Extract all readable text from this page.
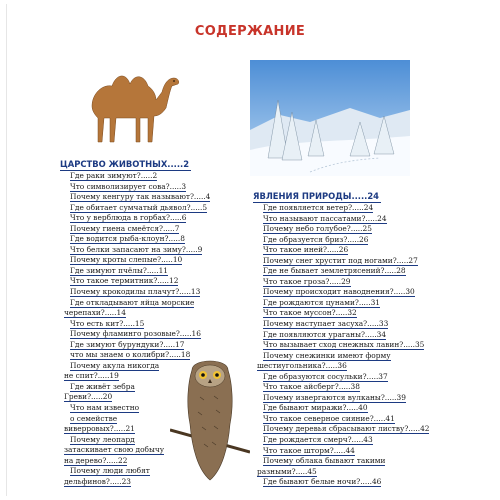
СОДЕРЖАНИЕ
ЦАРСТВО ЖИВОТНЫХ.....2
Где раки зимуют?.....2
Что символизирует сова?.....3
Почему кенгуру так называют?.....4
Где обитает сумчатый дьявол?.....5
Что у верблюда в горбах?.....6
Почему гиена смеётся?.....7
Где водится рыба-клоун?.....8
Что белки запасают на зиму?.....9
Почему кроты слепые?.....10
Где зимуют пчёлы?.....11
Что такое термитник?.....12
Почему крокодилы плачут?.....13
Где откладывают яйца морские
черепахи?.....14
Что есть кит?.....15
Почему фламинго розовые?.....16
Где зимуют бурундуки?.....17
что мы знаем о колибри?.....18
Почему акула никогда
не спит?.....19
Где живёт зебра
Греви?.....20
Что нам известно
о семействе
виверровых?.....21
Почему леопард
затаскивает свою добычу
на дерево?.....22
Почему люди любят
дельфинов?.....23
ЯВЛЕНИЯ ПРИРОДЫ.....24
Где появляется ветер?.....24
Что называют пассатами?.....24
Почему небо голубое?.....25
Где образуется бриз?.....26
Что такое иней?.....26
Почему снег хрустит под ногами?.....27
Где не бывает землетрясений?.....28
Что такое гроза?.....29
Почему происходит наводнения?.....30
Где рождаются цунами?.....31
Что такое муссон?.....32
Почему наступает засуха?.....33
Где появляются ураганы?.....34
Что вызывает сход снежных лавин?.....35
Почему снежинки имеют форму
шестиугольника?.....36
Где образуются сосульки?.....37
Что такое айсберг?.....38
Почему извергаются вулканы?.....39
Где бывают миражи?.....40
Что такое северное сияние?.....41
Почему деревья сбрасывают листву?.....42
Где рождается смерч?.....43
Что такое шторм?.....44
Почему облака бывают такими
разными?.....45
Где бывают белые ночи?.....46
